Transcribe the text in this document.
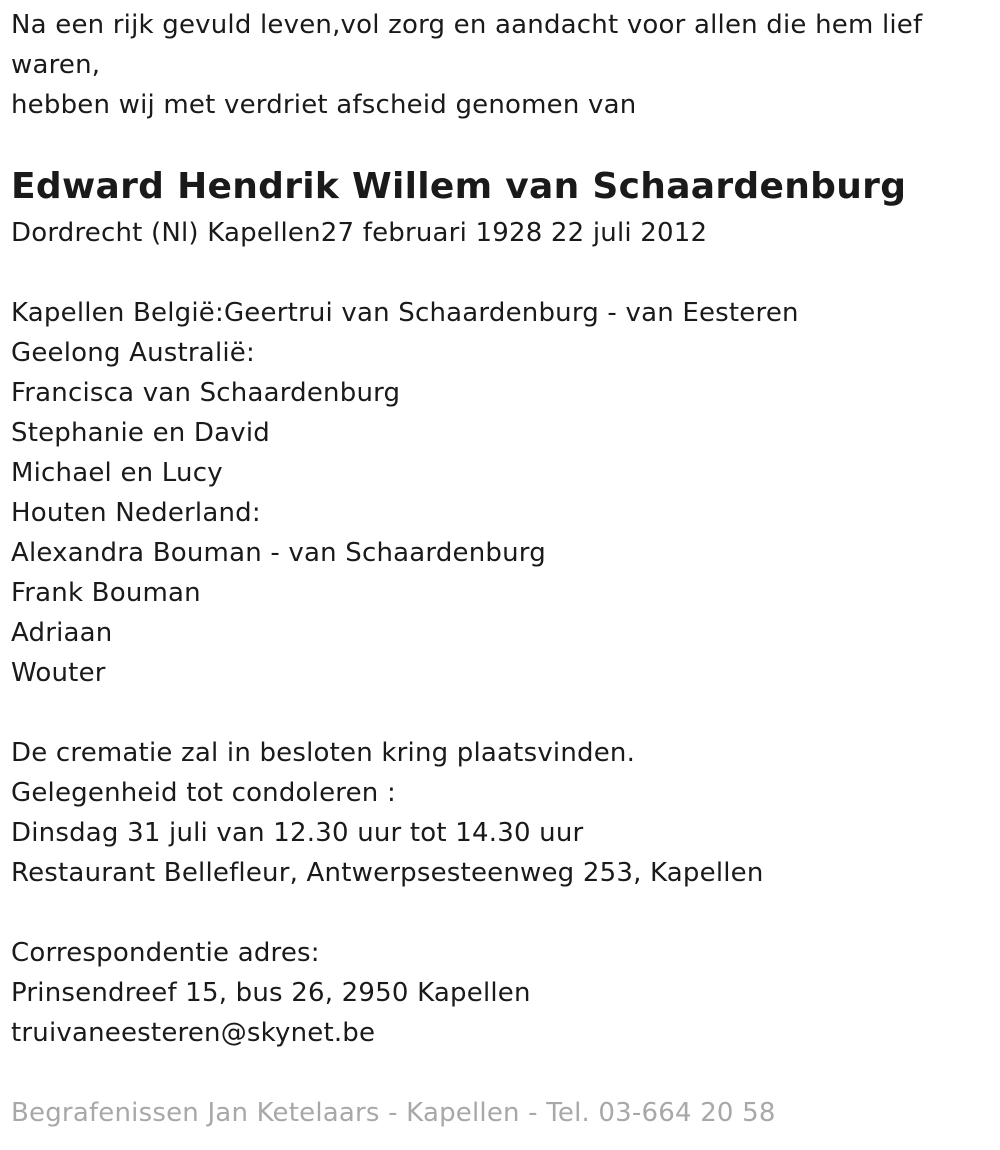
Na een rijk gevuld leven,vol zorg en aandacht voor allen die hem lief waren,
hebben wij met verdriet afscheid genomen van
Edward Hendrik Willem van Schaardenburg
Dordrecht (Nl) Kapellen27 februari 1928 22 juli 2012
Kapellen België:Geertrui van Schaardenburg - van Eesteren
Geelong Australië:
Francisca van Schaardenburg
Stephanie en David
Michael en Lucy
Houten Nederland:
Alexandra Bouman - van Schaardenburg
Frank Bouman
Adriaan
Wouter
De crematie zal in besloten kring plaatsvinden.
Gelegenheid tot condoleren :
Dinsdag 31 juli van 12.30 uur tot 14.30 uur
Restaurant Bellefleur, Antwerpsesteenweg 253, Kapellen
Correspondentie adres:
Prinsendreef 15, bus 26, 2950 Kapellen
truivaneesteren@skynet.be
Begrafenissen Jan Ketelaars - Kapellen - Tel. 03-664 20 58
